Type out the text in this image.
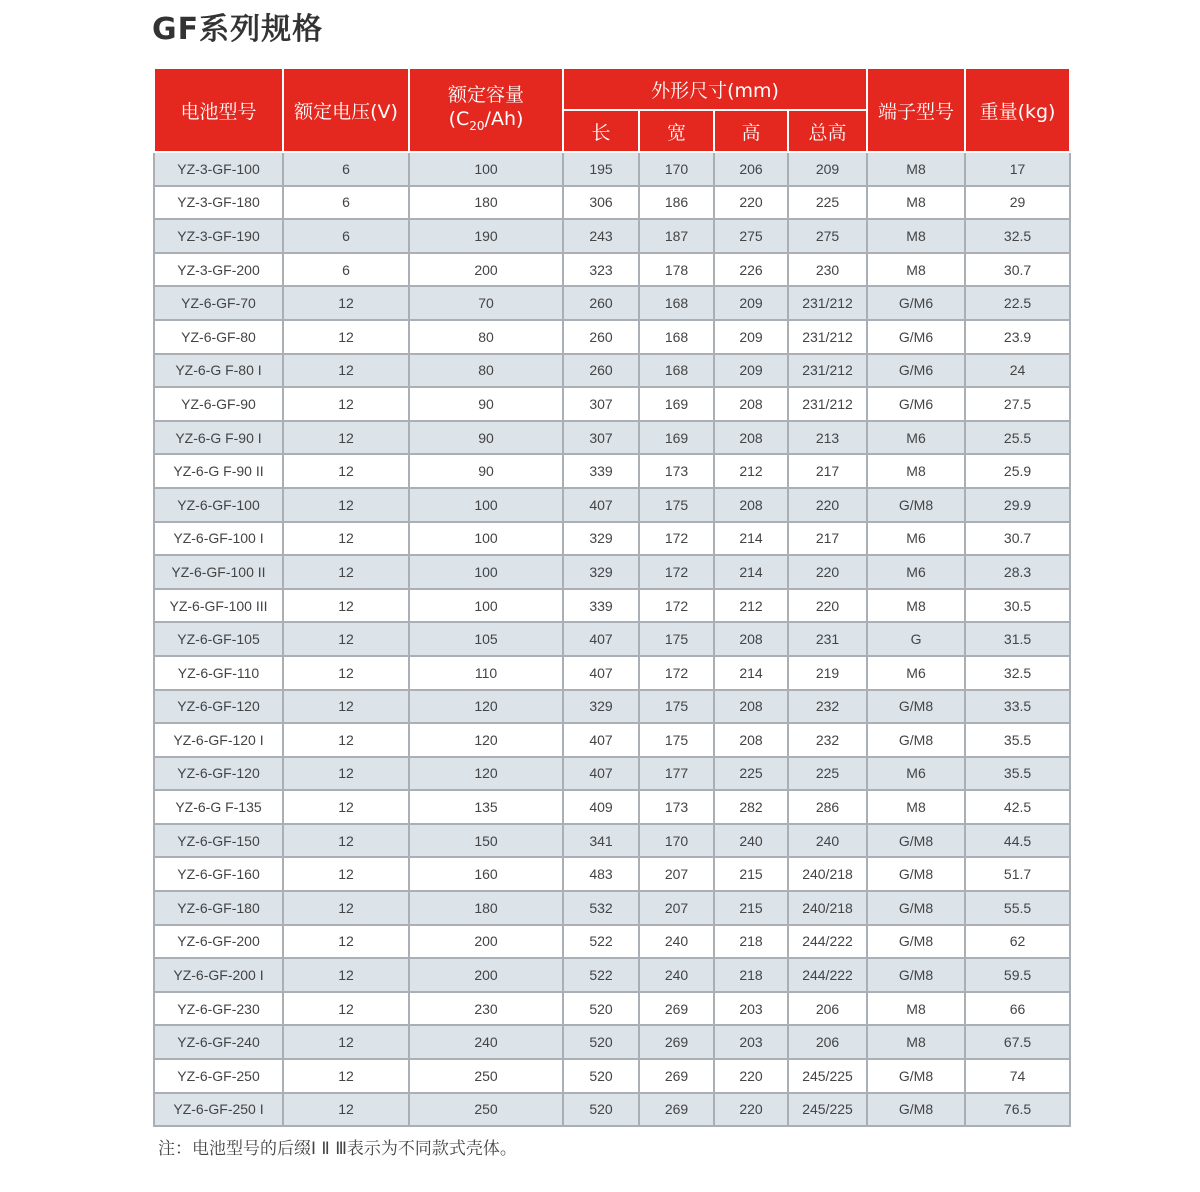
GF系列规格
电池型号	额定电压(V)	额定容量
$(C_{20}/Ah)$	外形尺寸(mm)				端子型号	重量(kg)
			长	宽	高	总高		
YZ-3-GF-100	6	100	195	170	206	209	M8	17
YZ-3-GF-180	6	180	306	186	220	225	M8	29
YZ-3-GF-190	6	190	243	187	275	275	M8	32.5
YZ-3-GF-200	6	200	323	178	226	230	M8	30.7
YZ-6-GF-70	12	70	260	168	209	231/212	G/M6	22.5
YZ-6-GF-80	12	80	260	168	209	231/212	G/M6	23.9
YZ-6-G F-80 I	12	80	260	168	209	231/212	G/M6	24
YZ-6-GF-90	12	90	307	169	208	231/212	G/M6	27.5
YZ-6-G F-90 I	12	90	307	169	208	213	M6	25.5
YZ-6-G F-90 II	12	90	339	173	212	217	M8	25.9
YZ-6-GF-100	12	100	407	175	208	220	G/M8	29.9
YZ-6-GF-100 I	12	100	329	172	214	217	M6	30.7
YZ-6-GF-100 II	12	100	329	172	214	220	M6	28.3
YZ-6-GF-100 III	12	100	339	172	212	220	M8	30.5
YZ-6-GF-105	12	105	407	175	208	231	G	31.5
YZ-6-GF-110	12	110	407	172	214	219	M6	32.5
YZ-6-GF-120	12	120	329	175	208	232	G/M8	33.5
YZ-6-GF-120 I	12	120	407	175	208	232	G/M8	35.5
YZ-6-GF-120	12	120	407	177	225	225	M6	35.5
YZ-6-G F-135	12	135	409	173	282	286	M8	42.5
YZ-6-GF-150	12	150	341	170	240	240	G/M8	44.5
YZ-6-GF-160	12	160	483	207	215	240/218	G/M8	51.7
YZ-6-GF-180	12	180	532	207	215	240/218	G/M8	55.5
YZ-6-GF-200	12	200	522	240	218	244/222	G/M8	62
YZ-6-GF-200 I	12	200	522	240	218	244/222	G/M8	59.5
YZ-6-GF-230	12	230	520	269	203	206	M8	66
YZ-6-GF-240	12	240	520	269	203	206	M8	67.5
YZ-6-GF-250	12	250	520	269	220	245/225	G/M8	74
YZ-6-GF-250 I	12	250	520	269	220	245/225	G/M8	76.5
注：电池型号的后缀Ⅰ Ⅱ Ⅲ表示为不同款式壳体。
